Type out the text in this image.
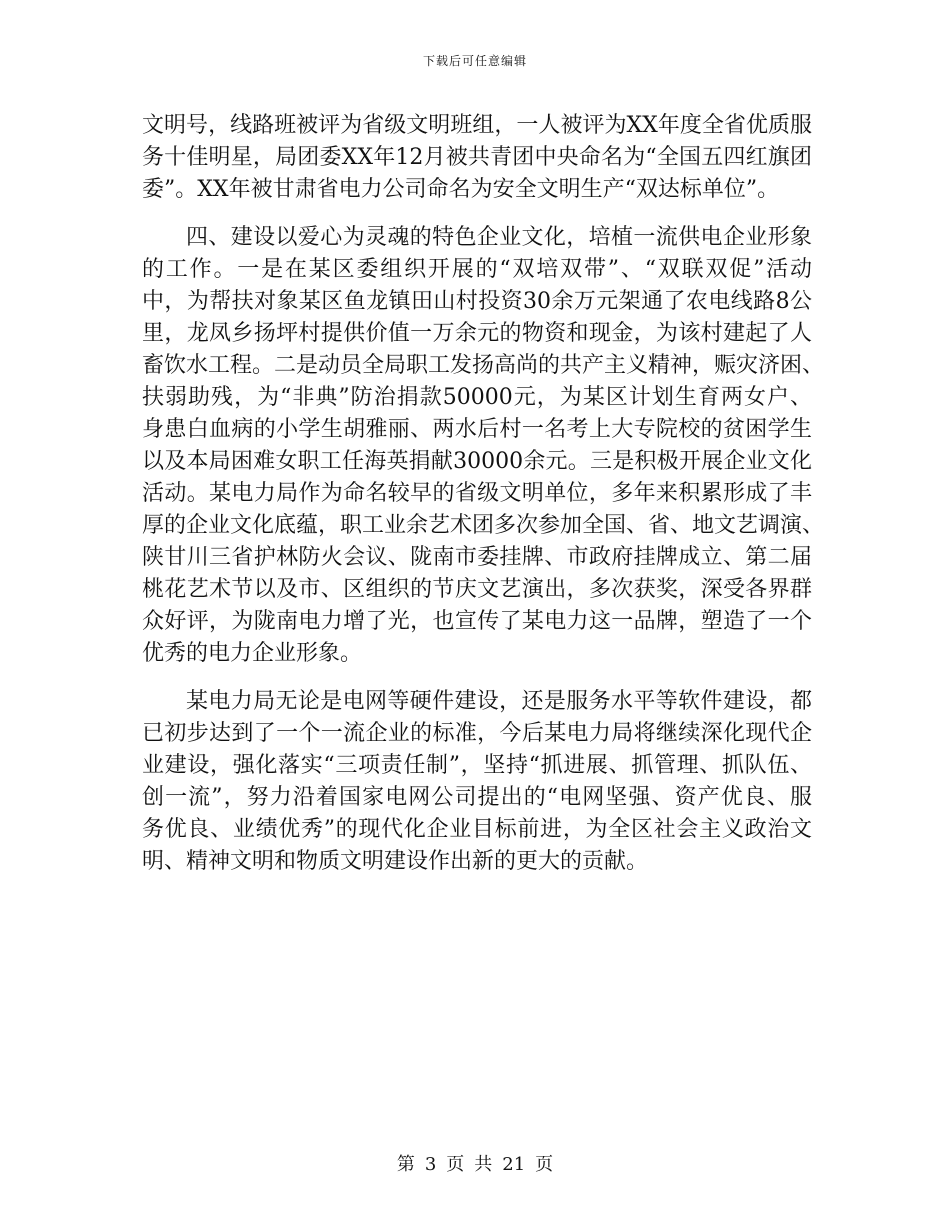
下载后可任意编辑
文明号，线路班被评为省级文明班组，一人被评为XX年度全省优质服
务十佳明星，局团委XX年12月被共青团中央命名为“全国五四红旗团
委”。XX年被甘肃省电力公司命名为安全文明生产“双达标单位”。
四、建设以爱心为灵魂的特色企业文化，培植一流供电企业形象
的工作。一是在某区委组织开展的“双培双带”、“双联双促”活动
中，为帮扶对象某区鱼龙镇田山村投资30余万元架通了农电线路8公
里，龙凤乡扬坪村提供价值一万余元的物资和现金，为该村建起了人
畜饮水工程。二是动员全局职工发扬高尚的共产主义精神，赈灾济困、
扶弱助残，为“非典”防治捐款50000元，为某区计划生育两女户、
身患白血病的小学生胡雅丽、两水后村一名考上大专院校的贫困学生
以及本局困难女职工任海英捐献30000余元。三是积极开展企业文化
活动。某电力局作为命名较早的省级文明单位，多年来积累形成了丰
厚的企业文化底蕴，职工业余艺术团多次参加全国、省、地文艺调演、
陕甘川三省护林防火会议、陇南市委挂牌、市政府挂牌成立、第二届
桃花艺术节以及市、区组织的节庆文艺演出，多次获奖，深受各界群
众好评，为陇南电力增了光，也宣传了某电力这一品牌，塑造了一个
优秀的电力企业形象。
某电力局无论是电网等硬件建设，还是服务水平等软件建设，都
已初步达到了一个一流企业的标准，今后某电力局将继续深化现代企
业建设，强化落实“三项责任制”，坚持“抓进展、抓管理、抓队伍、
创一流”，努力沿着国家电网公司提出的“电网坚强、资产优良、服
务优良、业绩优秀”的现代化企业目标前进，为全区社会主义政治文
明、精神文明和物质文明建设作出新的更大的贡献。
第 3 页 共 21 页
